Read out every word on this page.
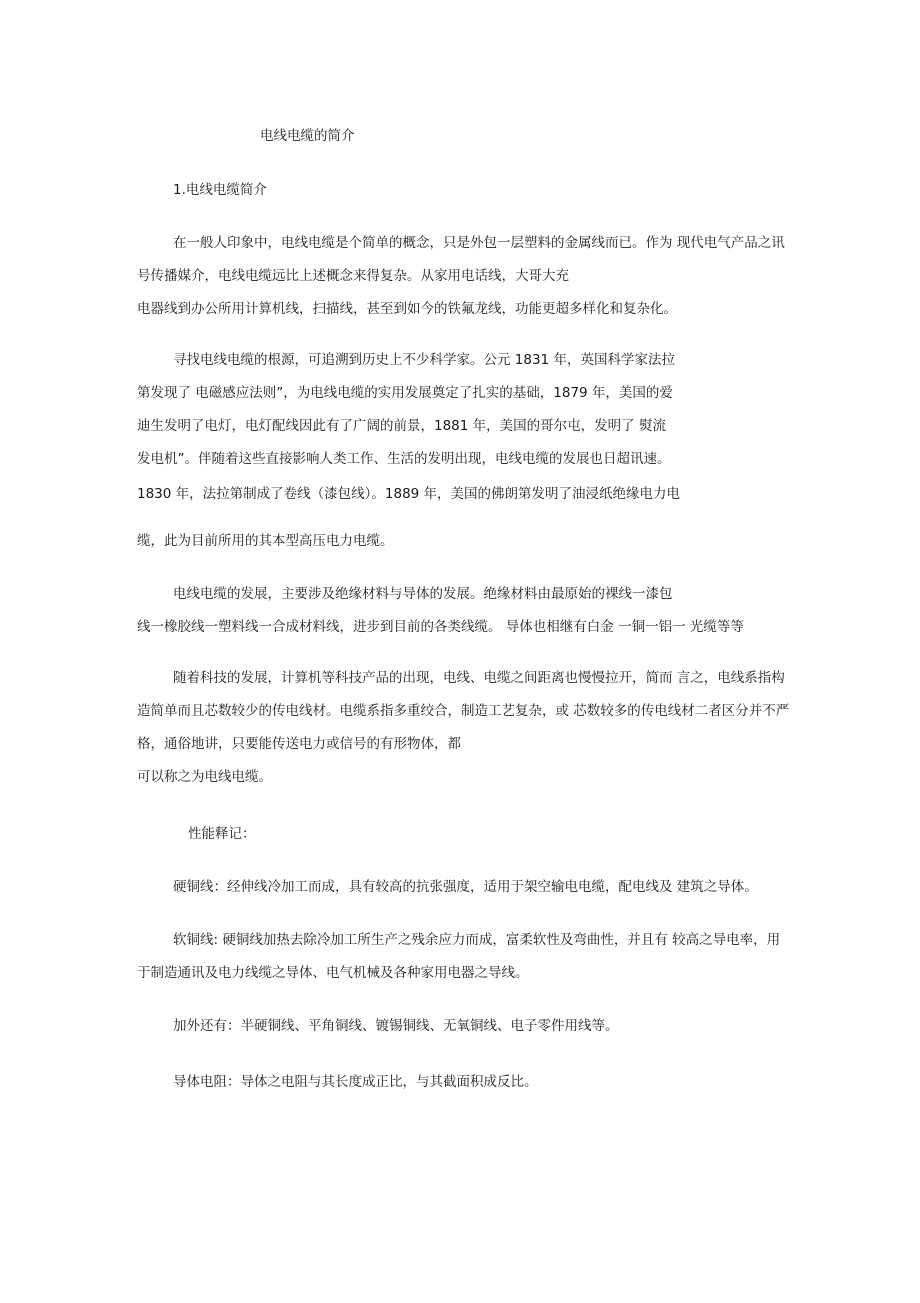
电线电缆的简介

1.电线电缆简介

在一般人印象中，电线电缆是个简单的概念，只是外包一层塑料的金属线而已。作为 现代电气产品之讯

号传播媒介，电线电缆远比上述概念来得复杂。从家用电话线，大哥大充

电器线到办公所用计算机线，扫描线，甚至到如今的铁氟龙线，功能更超多样化和复杂化。

寻找电线电缆的根源，可追溯到历史上不少科学家。公元 1831 年，英国科学家法拉

第发现了 电磁感应法则”，为电线电缆的实用发展奠定了扎实的基础，1879 年，美国的爱

迪生发明了电灯，电灯配线因此有了广阔的前景，1881 年，美国的哥尔屯，发明了 熨流

发电机”。伴随着这些直接影响人类工作、生活的发明出现，电线电缆的发展也日超讯速。

1830 年，法拉第制成了卷线（漆包线）。1889 年，美国的佛朗第发明了油浸纸绝缘电力电

缆，此为目前所用的其本型高压电力电缆。

电线电缆的发展，主要涉及绝缘材料与导体的发展。绝缘材料由最原始的裸线一漆包

线一橡胶线一塑料线一合成材料线，进步到目前的各类线缆。 导体也相继有白金 一铜一铝一 光缆等等

随着科技的发展，计算机等科技产品的出现，电线、电缆之间距离也慢慢拉开，简而 言之，电线系指构

造简单而且芯数较少的传电线材。电缆系指多重绞合，制造工艺复杂，或 芯数较多的传电线材二者区分并不严

格，通俗地讲，只要能传送电力或信号的有形物体，都

可以称之为电线电缆。

性能释记：

硬铜线：经伸线冷加工而成，具有较高的抗张强度，适用于架空输电电缆，配电线及 建筑之导体。

软铜线: 硬铜线加热去除冷加工所生产之残余应力而成，富柔软性及弯曲性，并且有 较高之导电率，用

于制造通讯及电力线缆之导体、电气机械及各种家用电器之导线。

加外还有：半硬铜线、平角铜线、镀锡铜线、无氧铜线、电子零件用线等。

导体电阻：导体之电阻与其长度成正比，与其截面积成反比。
